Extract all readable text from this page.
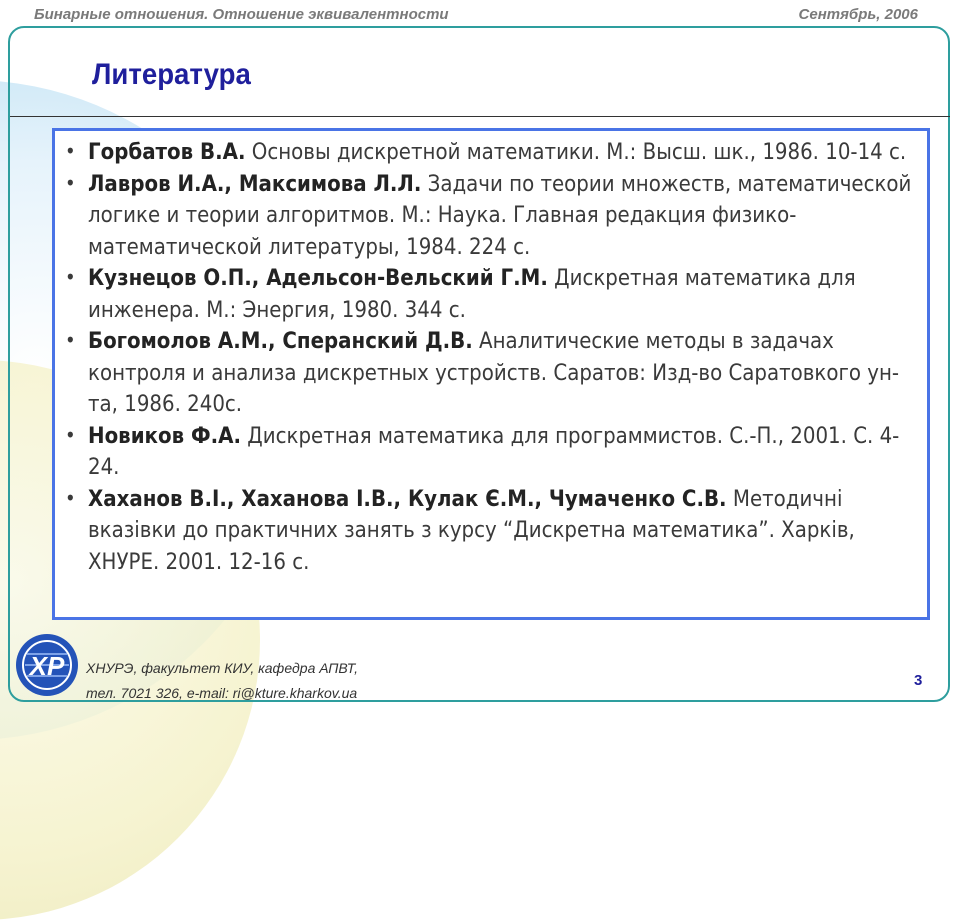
Бинарные отношения. Отношение эквивалентности	Сентябрь, 2006
Литература
• Горбатов В.А. Основы дискретной математики. М.: Высш. шк., 1986. 10-14 с.
• Лавров И.А., Максимова Л.Л. Задачи по теории множеств, математической логике и теории алгоритмов. М.: Наука. Главная редакция физико-математической литературы, 1984. 224 с.
• Кузнецов О.П., Адельсон-Вельский Г.М. Дискретная математика для инженера. М.: Энергия, 1980. 344 с.
• Богомолов А.М., Сперанский Д.В. Аналитические методы в задачах контроля и анализа дискретных устройств. Саратов: Изд-во Саратовкого ун-та, 1986. 240с.
• Новиков Ф.А. Дискретная математика для программистов. С.-П., 2001. С. 4-24.
• Хаханов В.І., Хаханова І.В., Кулак Є.М., Чумаченко С.В. Методичні вказівки до практичних занять з курсу “Дискретна математика”. Харків, ХНУРЕ. 2001. 12-16 с.
ХР ХНУРЭ, факультет КИУ, кафедра АПВТ,
тел. 7021 326, e-mail: ri@kture.kharkov.ua
3
